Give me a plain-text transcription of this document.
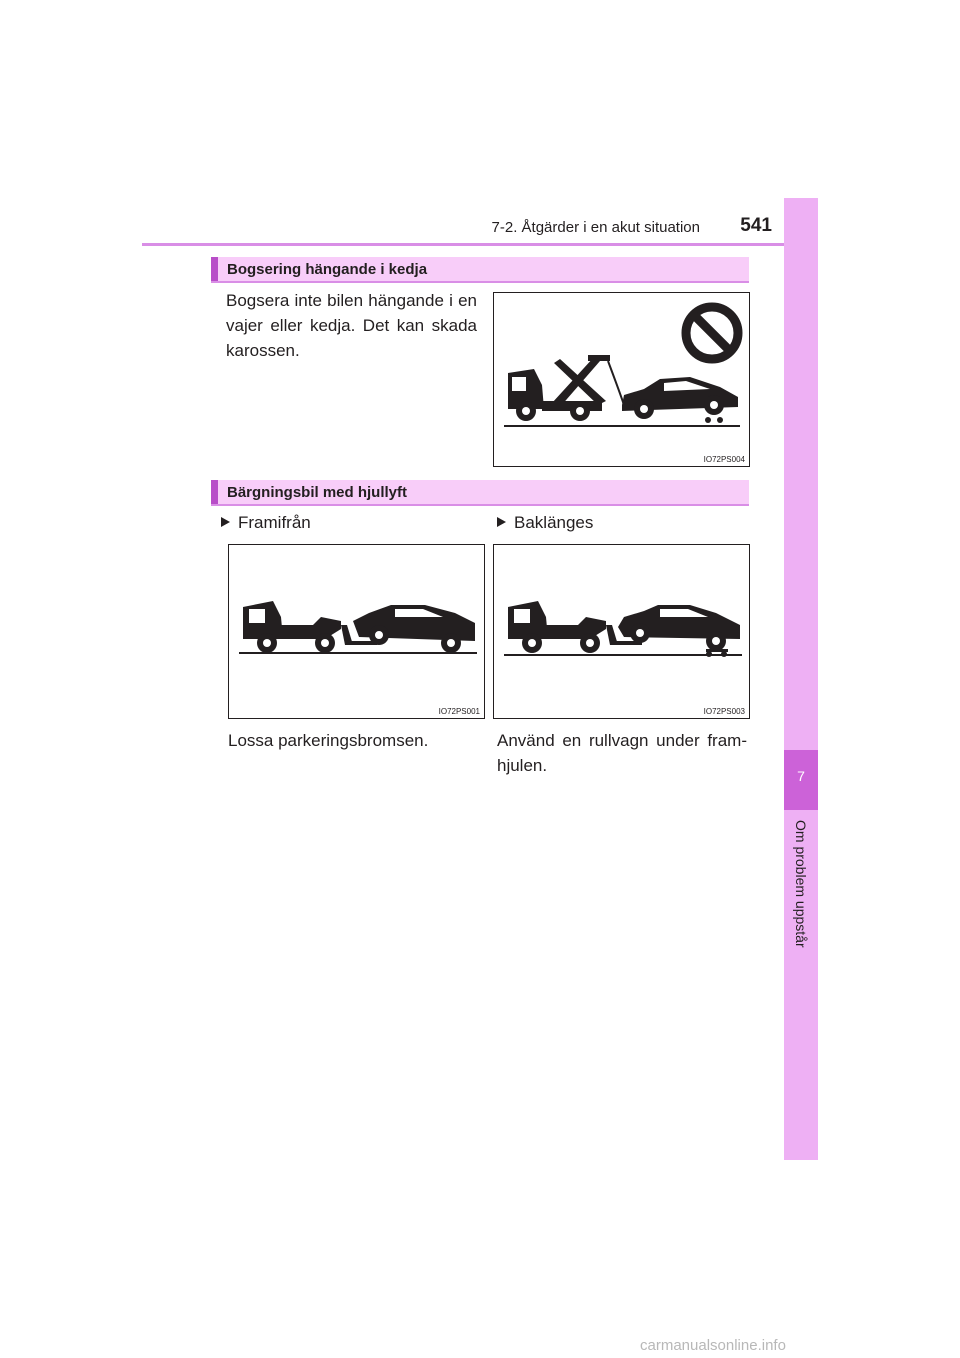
7-2. Åtgärder i en akut situation	541
7
Om problem uppstår
Bogsering hängande i kedja
Bogsera inte bilen hängande i en vajer eller kedja. Det kan skada karossen.
IO72PS004
Bärgningsbil med hjullyft
Framifrån	Baklänges
IO72PS001	IO72PS003
Lossa parkeringsbromsen.	Använd en rullvagn under fram-hjulen.
carmanualsonline.info
